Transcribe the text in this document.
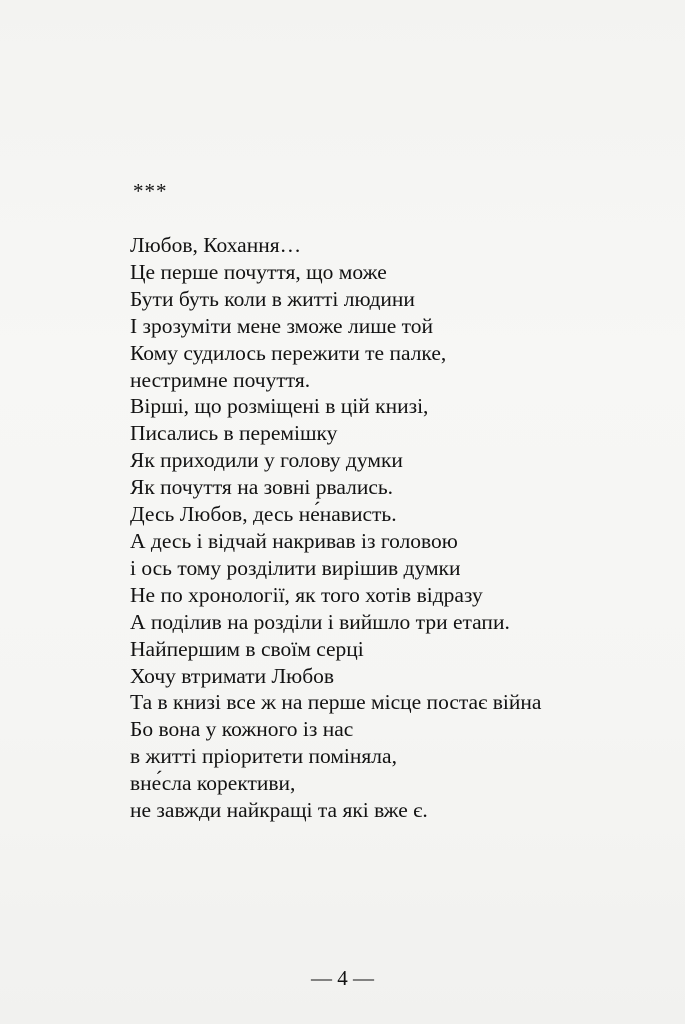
***
Любов, Кохання…
Це перше почуття, що може
Бути буть коли в житті людини
І зрозуміти мене зможе лише той
Кому судилось пережити те палке,
нестримне почуття.
Вірші, що розміщені в цій книзі,
Писались в перемішку
Як приходили у голову думки
Як почуття на зовні рвались.
Десь Любов, десь не́нависть.
А десь і відчай накривав із головою
і ось тому розділити вирішив думки
Не по хронології, як того хотів відразу
А поділив на розділи і вийшло три етапи.
Найпершим в своїм серці
Хочу втримати Любов
Та в книзі все ж на перше місце постає війна
Бо вона у кожного із нас
в житті пріоритети поміняла,
вне́сла корективи,
не завжди найкращі та які вже є.
— 4 —
